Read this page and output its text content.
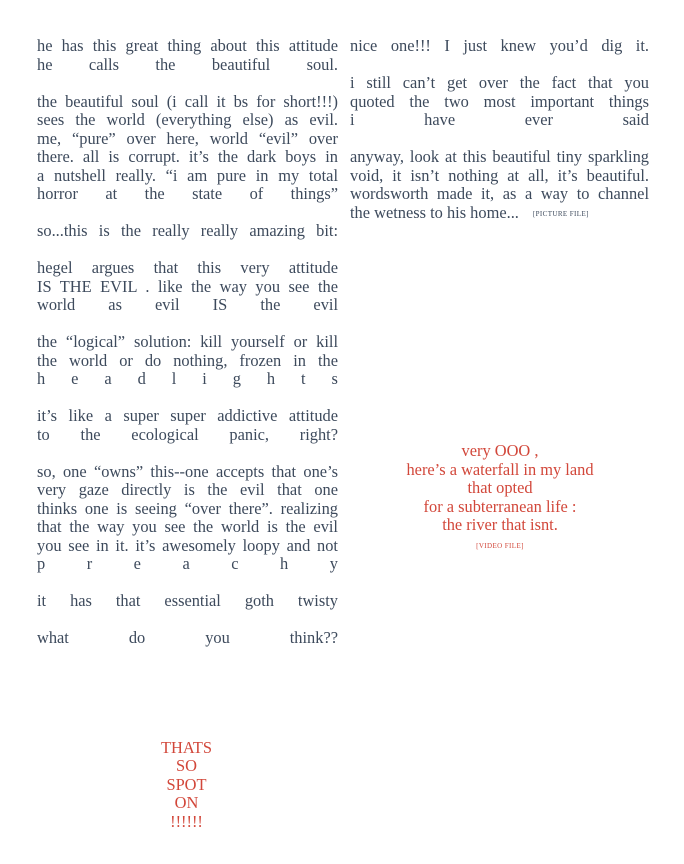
he has this great thing about this attitude
he calls the beautiful soul.
the beautiful soul (i call it bs for short!!!)
sees the world (everything else) as evil.
me, “pure” over here, world “evil” over
there. all is corrupt. it’s the dark boys in
a nutshell really. “i am pure in my total
horror at the state of things”
so...this is the really really amazing bit:
hegel argues that this very attitude
IS THE EVIL . like the way you see the
world as evil IS the evil
the “logical” solution: kill yourself or kill
the world or do nothing, frozen in the
h e a d l i g h t s
it’s like a super super addictive attitude
to the ecological panic, right?
so, one “owns” this--one accepts that one’s
very gaze directly is the evil that one
thinks one is seeing “over there”. realizing
that the way you see the world is the evil
you see in it. it’s awesomely loopy and not
p	r	e	a	c	h	y
it has that essential goth twisty
what do you think??
nice one!!! I just knew you’d dig it.
i still can’t get over the fact that you
quoted the two most important things
i have ever said
anyway, look at this beautiful tiny sparkling
void, it isn’t nothing at all, it’s beautiful.
wordsworth made it, as a way to channel
the wetness to his home... [PICTURE FILE]
very OOO ,
here’s a waterfall in my land
that opted
for a subterranean life :
the river that isnt.
[VIDEO FILE]
THATS
SO
SPOT
ON
!!!!!!
